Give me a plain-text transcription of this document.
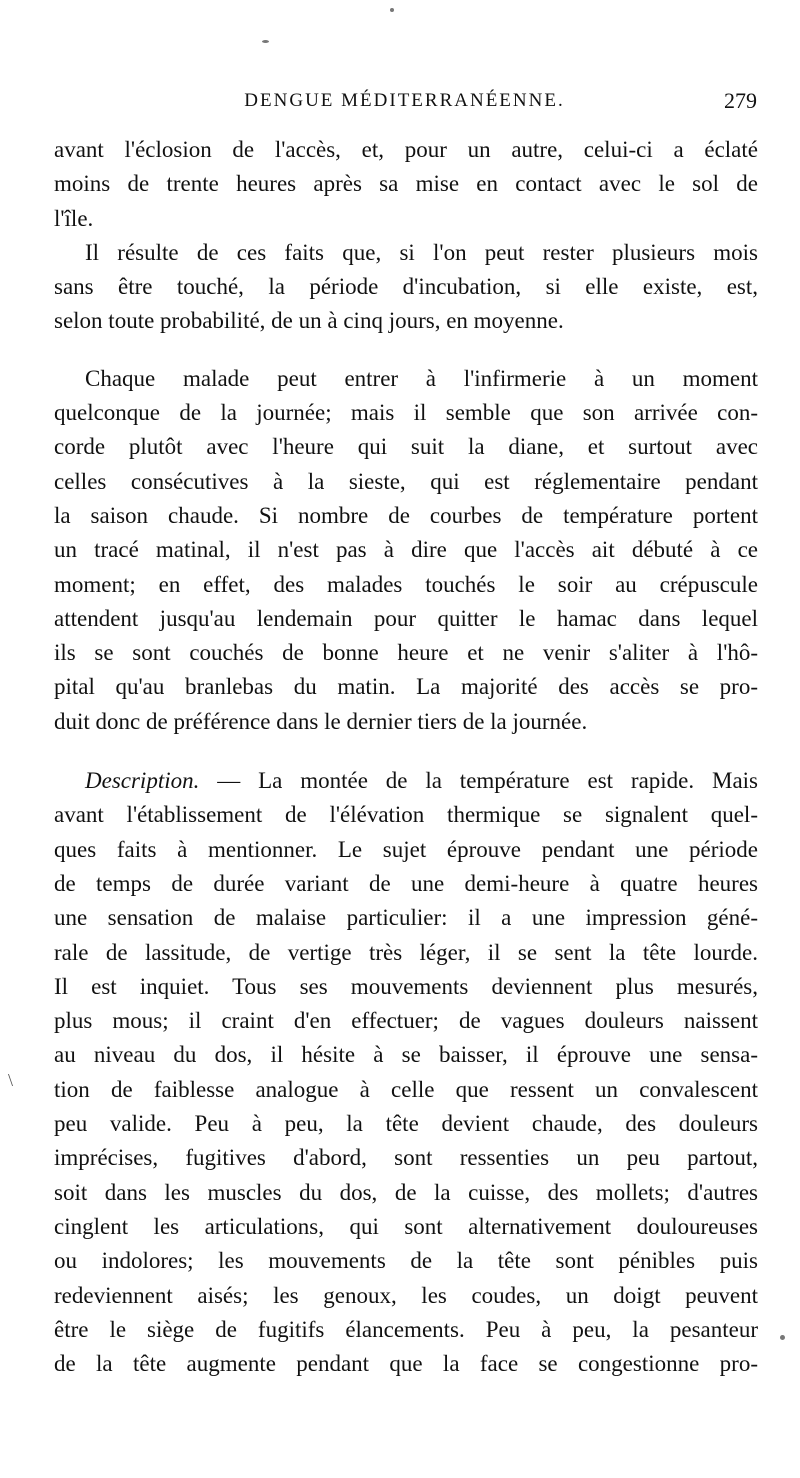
\
DENGUE MÉDITERRANÉENNE.	279
avant l'éclosion de l'accès, et, pour un autre, celui-ci a éclaté
moins de trente heures après sa mise en contact avec le sol de
l'île.
Il résulte de ces faits que, si l'on peut rester plusieurs mois
sans être touché, la période d'incubation, si elle existe, est,
selon toute probabilité, de un à cinq jours, en moyenne.
Chaque malade peut entrer à l'infirmerie à un moment
quelconque de la journée; mais il semble que son arrivée con-
corde plutôt avec l'heure qui suit la diane, et surtout avec
celles consécutives à la sieste, qui est réglementaire pendant
la saison chaude. Si nombre de courbes de température portent
un tracé matinal, il n'est pas à dire que l'accès ait débuté à ce
moment; en effet, des malades touchés le soir au crépuscule
attendent jusqu'au lendemain pour quitter le hamac dans lequel
ils se sont couchés de bonne heure et ne venir s'aliter à l'hô-
pital qu'au branlebas du matin. La majorité des accès se pro-
duit donc de préférence dans le dernier tiers de la journée.
Description. — La montée de la température est rapide. Mais
avant l'établissement de l'élévation thermique se signalent quel-
ques faits à mentionner. Le sujet éprouve pendant une période
de temps de durée variant de une demi-heure à quatre heures
une sensation de malaise particulier: il a une impression géné-
rale de lassitude, de vertige très léger, il se sent la tête lourde.
Il est inquiet. Tous ses mouvements deviennent plus mesurés,
plus mous; il craint d'en effectuer; de vagues douleurs naissent
au niveau du dos, il hésite à se baisser, il éprouve une sensa-
tion de faiblesse analogue à celle que ressent un convalescent
peu valide. Peu à peu, la tête devient chaude, des douleurs
imprécises, fugitives d'abord, sont ressenties un peu partout,
soit dans les muscles du dos, de la cuisse, des mollets; d'autres
cinglent les articulations, qui sont alternativement douloureuses
ou indolores; les mouvements de la tête sont pénibles puis
redeviennent aisés; les genoux, les coudes, un doigt peuvent
être le siège de fugitifs élancements. Peu à peu, la pesanteur
de la tête augmente pendant que la face se congestionne pro-
